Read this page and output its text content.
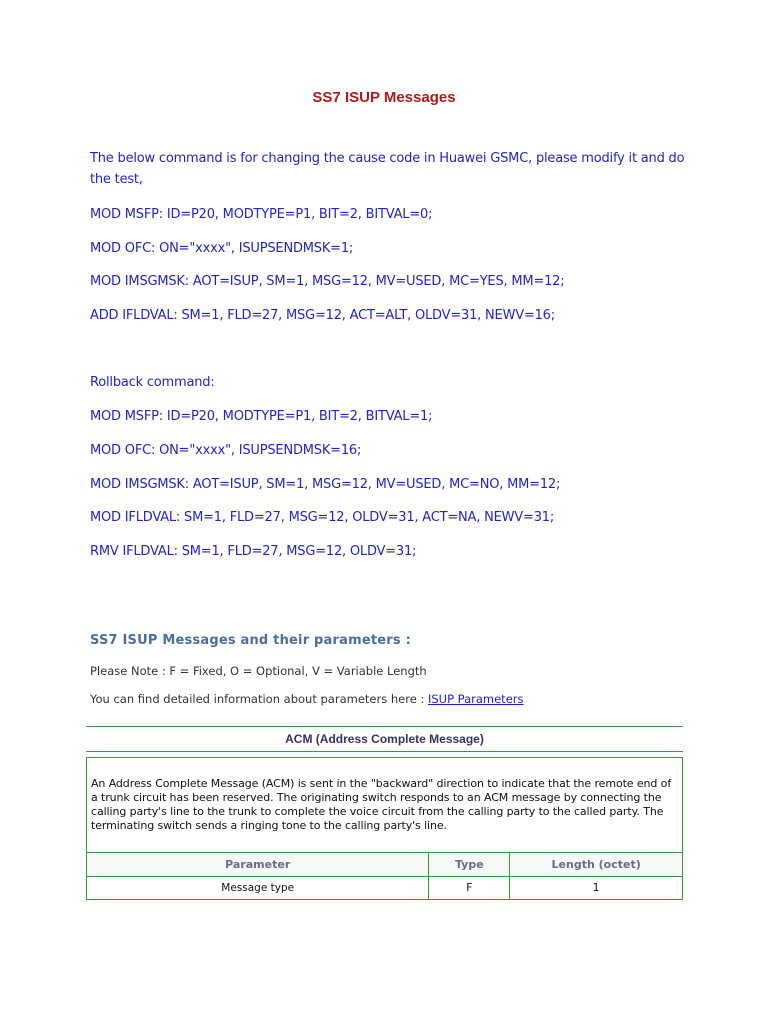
SS7 ISUP Messages

The below command is for changing the cause code in Huawei GSMC, please modify it and do the test,

MOD MSFP: ID=P20, MODTYPE=P1, BIT=2, BITVAL=0;

MOD OFC: ON="xxxx", ISUPSENDMSK=1;

MOD IMSGMSK: AOT=ISUP, SM=1, MSG=12, MV=USED, MC=YES, MM=12;

ADD IFLDVAL: SM=1, FLD=27, MSG=12, ACT=ALT, OLDV=31, NEWV=16;

Rollback command:

MOD MSFP: ID=P20, MODTYPE=P1, BIT=2, BITVAL=1;

MOD OFC: ON="xxxx", ISUPSENDMSK=16;

MOD IMSGMSK: AOT=ISUP, SM=1, MSG=12, MV=USED, MC=NO, MM=12;

MOD IFLDVAL: SM=1, FLD=27, MSG=12, OLDV=31, ACT=NA, NEWV=31;

RMV IFLDVAL: SM=1, FLD=27, MSG=12, OLDV=31;

SS7 ISUP Messages and their parameters :
Please Note : F = Fixed, O = Optional, V = Variable Length
You can find detailed information about parameters here : ISUP Parameters
ACM (Address Complete Message)

An Address Complete Message (ACM) is sent in the "backward" direction to indicate that the remote end of a trunk circuit has been reserved. The originating switch responds to an ACM message by connecting the calling party's line to the trunk to complete the voice circuit from the calling party to the called party. The terminating switch sends a ringing tone to the calling party's line.

Parameter	Type	Length (octet)
Message type	F	1
